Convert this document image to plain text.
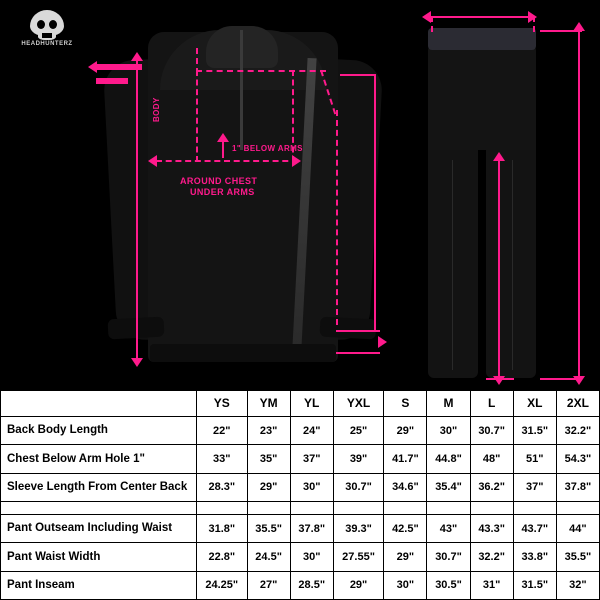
HEADHUNTERZ
BODY
1" BELOW ARMS
AROUND CHEST
UNDER ARMS
	YS	YM	YL	YXL	S	M	L	XL	2XL
Back Body Length	22"	23"	24"	25"	29"	30"	30.7"	31.5"	32.2"
Chest Below Arm Hole 1"	33"	35"	37"	39"	41.7"	44.8"	48"	51"	54.3"
Sleeve Length From Center Back	28.3"	29"	30"	30.7"	34.6"	35.4"	36.2"	37"	37.8"

Pant Outseam Including Waist	31.8"	35.5"	37.8"	39.3"	42.5"	43"	43.3"	43.7"	44"
Pant Waist Width	22.8"	24.5"	30"	27.55"	29"	30.7"	32.2"	33.8"	35.5"
Pant Inseam	24.25"	27"	28.5"	29"	30"	30.5"	31"	31.5"	32"
